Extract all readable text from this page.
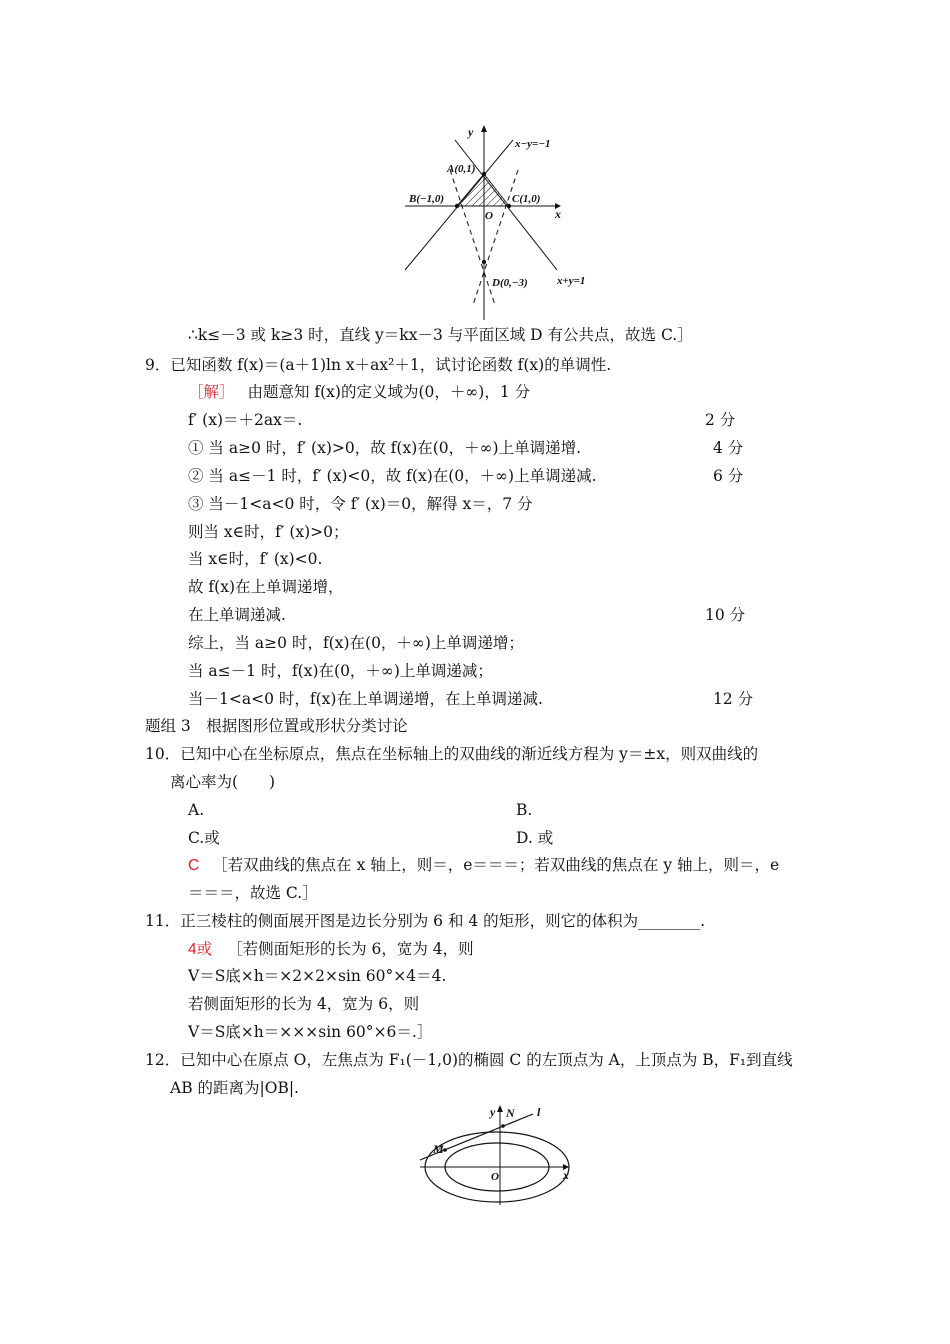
y
x
x−y=−1
x+y=1
A(0,1)
B(−1,0)	C(1,0)
D(0,−3)
O
∴k≤－3 或 k≥3 时，直线 y＝kx－3 与平面区域 D 有公共点，故选 C.］
9．已知函数 f(x)＝(a＋1)ln x＋ax²＋1，试讨论函数 f(x)的单调性.
［解］ 由题意知 f(x)的定义域为(0，＋∞)，1 分
f′ (x)＝＋2ax＝.	2 分
① 当 a≥0 时，f′ (x)>0，故 f(x)在(0，＋∞)上单调递增.	4 分
② 当 a≤－1 时，f′ (x)<0，故 f(x)在(0，＋∞)上单调递减.	6 分
③ 当－1<a<0 时，令 f′ (x)＝0，解得 x＝，7 分
则当 x∈时，f′ (x)>0；
当 x∈时，f′ (x)<0.
故 f(x)在上单调递增，
在上单调递减.	10 分
综上，当 a≥0 时，f(x)在(0，＋∞)上单调递增；
当 a≤－1 时，f(x)在(0，＋∞)上单调递减；
当－1<a<0 时，f(x)在上单调递增，在上单调递减.	12 分
题组 3　根据图形位置或形状分类讨论
10．已知中心在坐标原点，焦点在坐标轴上的双曲线的渐近线方程为 y＝±x，则双曲线的
离心率为(　　)
A.	B.
C.或	D. 或
C ［若双曲线的焦点在 x 轴上，则＝，e＝＝＝；若双曲线的焦点在 y 轴上，则＝，e
＝＝＝，故选 C.］
11．正三棱柱的侧面展开图是边长分别为 6 和 4 的矩形，则它的体积为________.
4或 ［若侧面矩形的长为 6，宽为 4，则
V＝S底×h＝×2×2×sin 60°×4＝4.
若侧面矩形的长为 4，宽为 6，则
V＝S底×h＝×××sin 60°×6＝.］
12．已知中心在原点 O，左焦点为 F₁(－1,0)的椭圆 C 的左顶点为 A，上顶点为 B，F₁到直线
AB 的距离为|OB|.
y
x
N l
M
O
